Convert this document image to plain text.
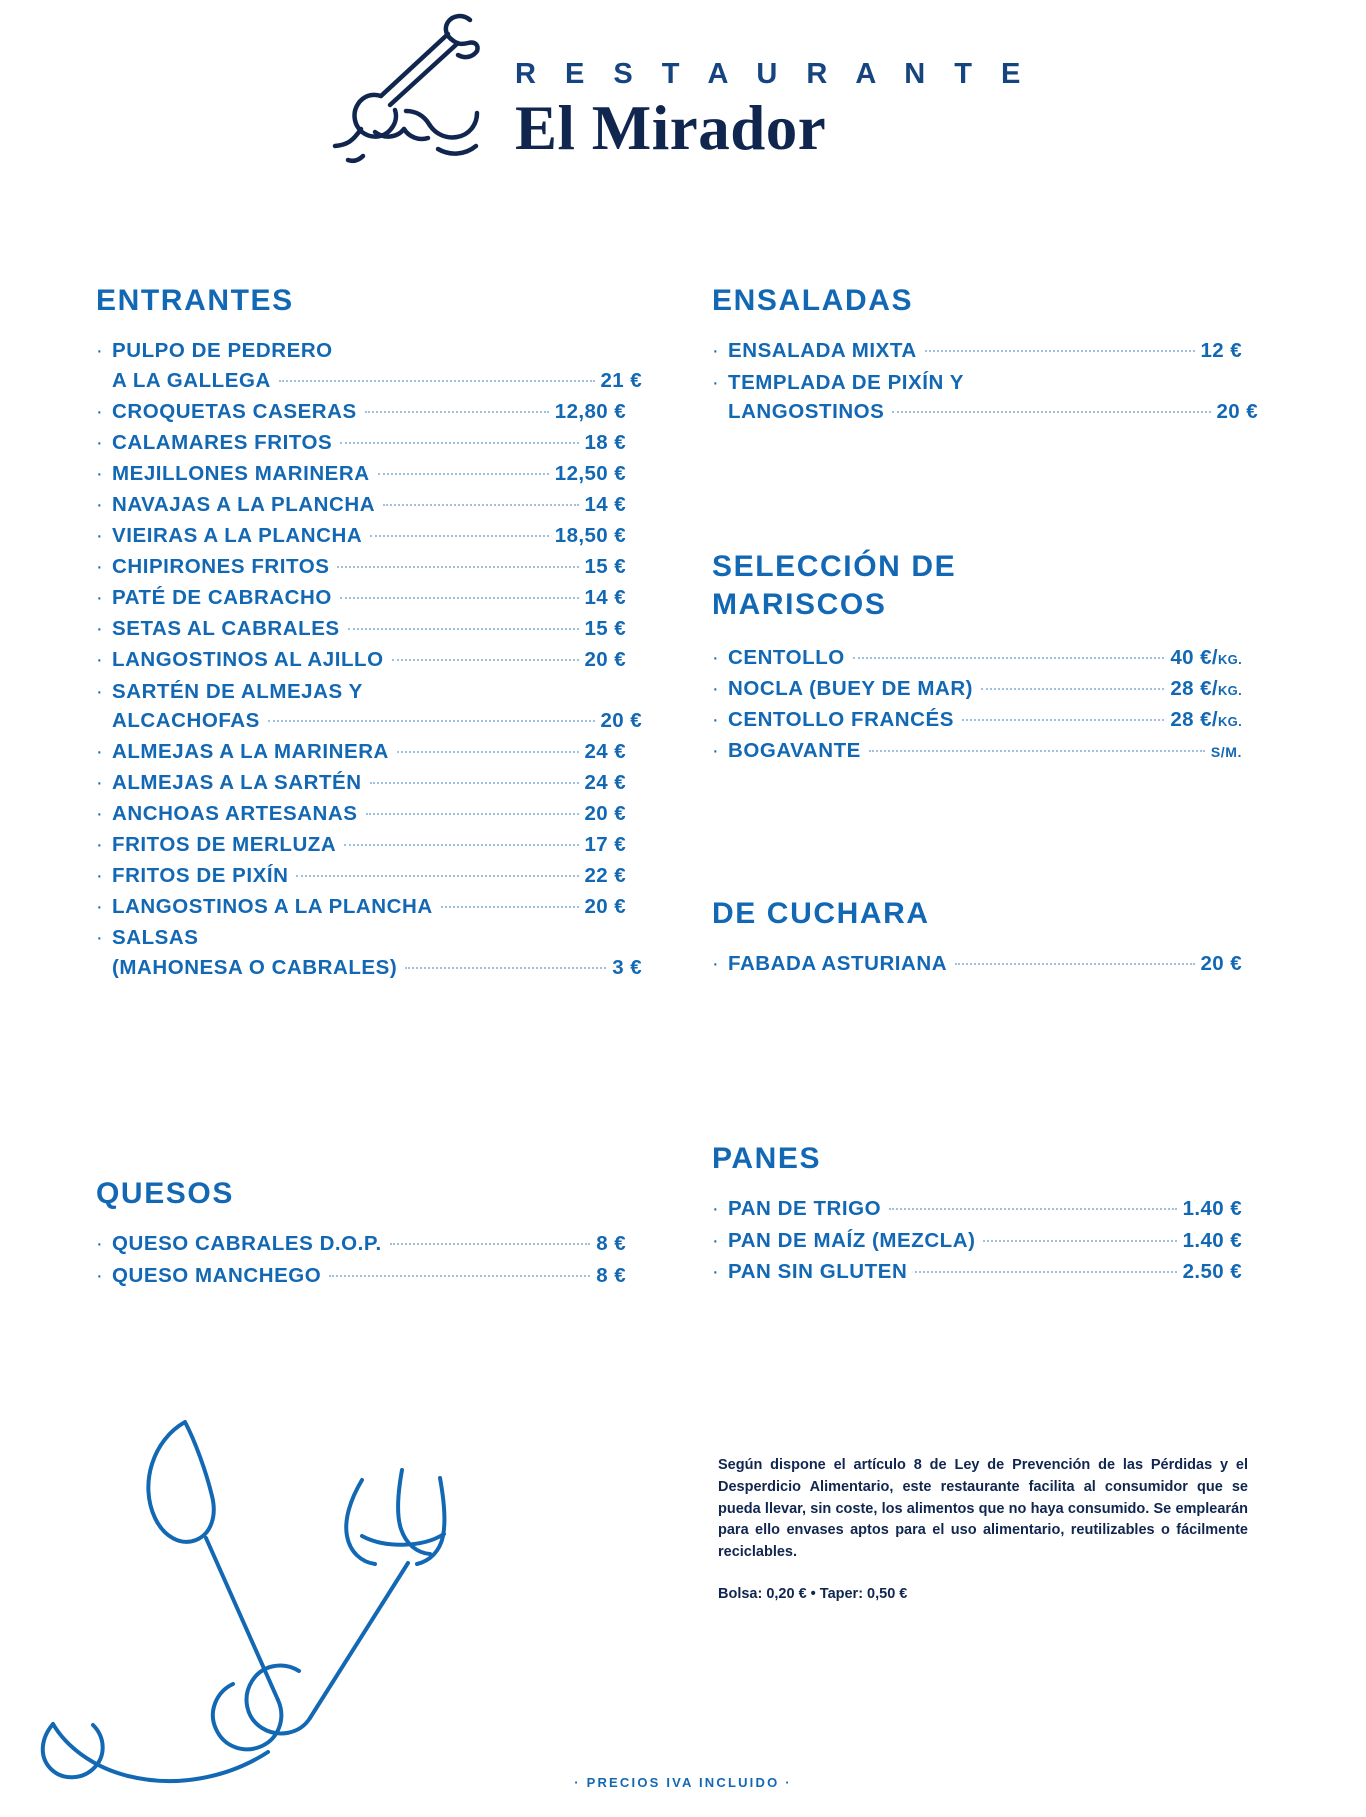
R E S T A U R A N T E
El Mirador
ENTRANTES
· PULPO DE PEDRERO
A LA GALLEGA	21 €
· CROQUETAS CASERAS	12,80 €
· CALAMARES FRITOS	18 €
· MEJILLONES MARINERA	12,50 €
· NAVAJAS A LA PLANCHA	14 €
· VIEIRAS A LA PLANCHA	18,50 €
· CHIPIRONES FRITOS	15 €
· PATÉ DE CABRACHO	14 €
· SETAS AL CABRALES	15 €
· LANGOSTINOS AL AJILLO	20 €
· SARTÉN DE ALMEJAS Y
ALCACHOFAS	20 €
· ALMEJAS A LA MARINERA	24 €
· ALMEJAS A LA SARTÉN	24 €
· ANCHOAS ARTESANAS	20 €
· FRITOS DE MERLUZA	17 €
· FRITOS DE PIXÍN	22 €
· LANGOSTINOS A LA PLANCHA	20 €
· SALSAS
(MAHONESA O CABRALES)	3 €
QUESOS
· QUESO CABRALES D.O.P.	8 €
· QUESO MANCHEGO	8 €
ENSALADAS
· ENSALADA MIXTA	12 €
· TEMPLADA DE PIXÍN Y
LANGOSTINOS	20 €
SELECCIÓN DE
MARISCOS
· CENTOLLO	40 €/KG.
· NOCLA (BUEY DE MAR)	28 €/KG.
· CENTOLLO FRANCÉS	28 €/KG.
· BOGAVANTE	S/M.
DE CUCHARA
· FABADA ASTURIANA	20 €
PANES
· PAN DE TRIGO	1.40 €
· PAN DE MAÍZ (MEZCLA)	1.40 €
· PAN SIN GLUTEN	2.50 €

Según dispone el artículo 8 de Ley de Prevención de las Pérdidas y el Desperdicio Alimentario, este restaurante facilita al consumidor que se pueda llevar, sin coste, los alimentos que no haya consumido. Se emplearán para ello envases aptos para el uso alimentario, reutilizables o fácilmente reciclables.

Bolsa: 0,20 € • Taper: 0,50 €

· PRECIOS IVA INCLUIDO ·
